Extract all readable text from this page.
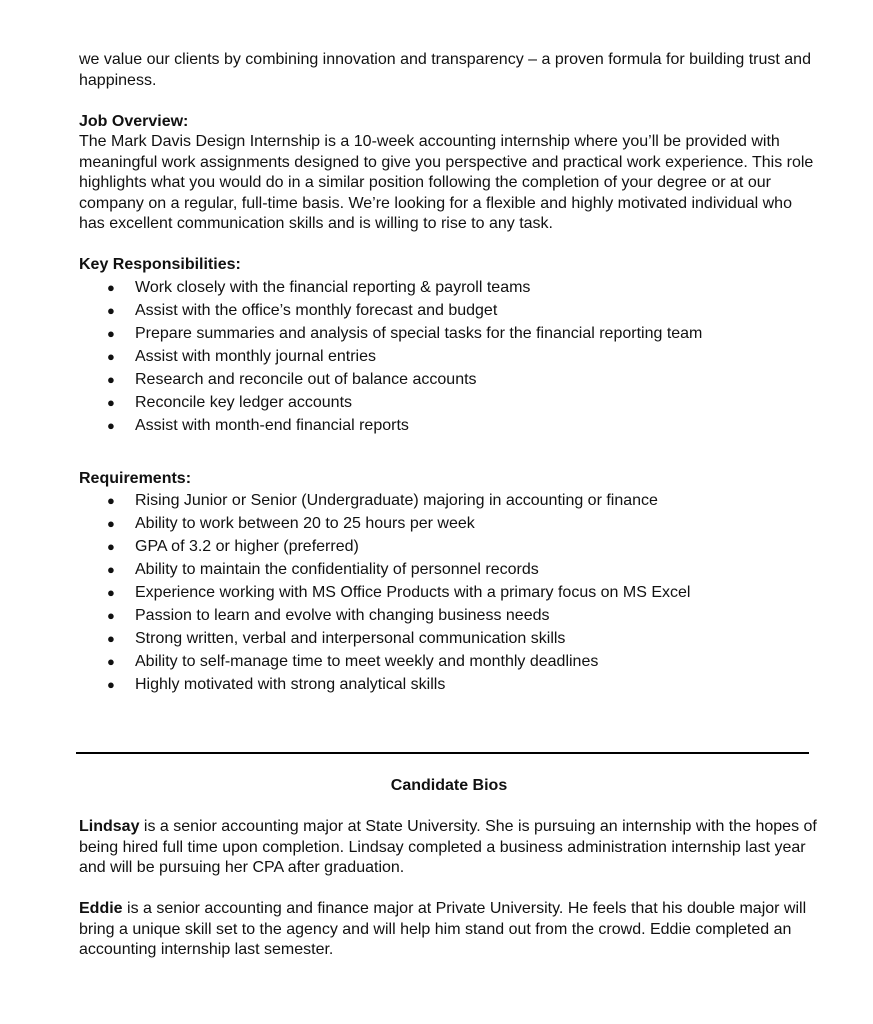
we value our clients by combining innovation and transparency – a proven formula for building trust and happiness.

Job Overview:

The Mark Davis Design Internship is a 10-week accounting internship where you’ll be provided with meaningful work assignments designed to give you perspective and practical work experience. This role highlights what you would do in a similar position following the completion of your degree or at our company on a regular, full-time basis. We’re looking for a flexible and highly motivated individual who has excellent communication skills and is willing to rise to any task.

Key Responsibilities:

● Work closely with the financial reporting & payroll teams
● Assist with the office’s monthly forecast and budget
● Prepare summaries and analysis of special tasks for the financial reporting team
● Assist with monthly journal entries
● Research and reconcile out of balance accounts
● Reconcile key ledger accounts
● Assist with month-end financial reports

Requirements:

● Rising Junior or Senior (Undergraduate) majoring in accounting or finance
● Ability to work between 20 to 25 hours per week
● GPA of 3.2 or higher (preferred)
● Ability to maintain the confidentiality of personnel records
● Experience working with MS Office Products with a primary focus on MS Excel
● Passion to learn and evolve with changing business needs
● Strong written, verbal and interpersonal communication skills
● Ability to self-manage time to meet weekly and monthly deadlines
● Highly motivated with strong analytical skills

Candidate Bios

Lindsay is a senior accounting major at State University. She is pursuing an internship with the hopes of being hired full time upon completion. Lindsay completed a business administration internship last year and will be pursuing her CPA after graduation.

Eddie is a senior accounting and finance major at Private University. He feels that his double major will bring a unique skill set to the agency and will help him stand out from the crowd. Eddie completed an accounting internship last semester.
